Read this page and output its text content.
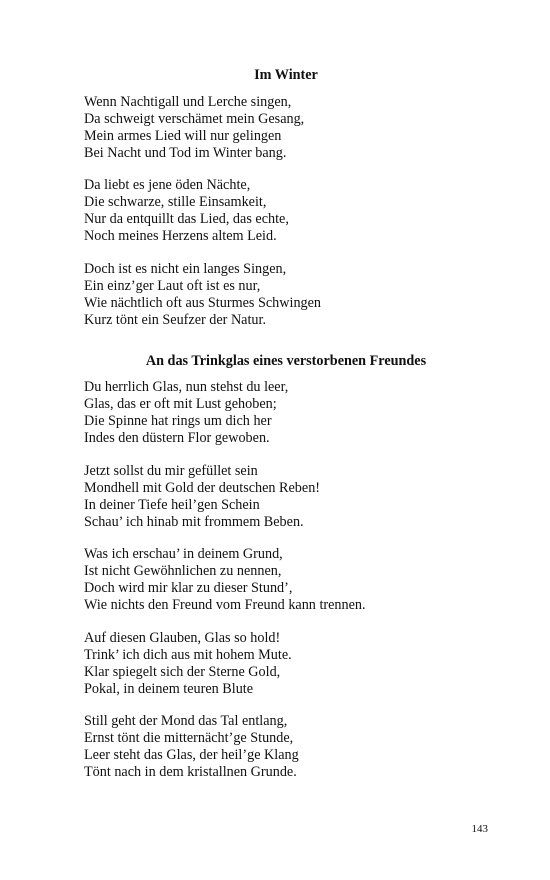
Im Winter
Wenn Nachtigall und Lerche singen,
Da schweigt verschämet mein Gesang,
Mein armes Lied will nur gelingen
Bei Nacht und Tod im Winter bang.
Da liebt es jene öden Nächte,
Die schwarze, stille Einsamkeit,
Nur da entquillt das Lied, das echte,
Noch meines Herzens altem Leid.
Doch ist es nicht ein langes Singen,
Ein einz’ger Laut oft ist es nur,
Wie nächtlich oft aus Sturmes Schwingen
Kurz tönt ein Seufzer der Natur.
An das Trinkglas eines verstorbenen Freundes
Du herrlich Glas, nun stehst du leer,
Glas, das er oft mit Lust gehoben;
Die Spinne hat rings um dich her
Indes den düstern Flor gewoben.
Jetzt sollst du mir gefüllet sein
Mondhell mit Gold der deutschen Reben!
In deiner Tiefe heil’gen Schein
Schau’ ich hinab mit frommem Beben.
Was ich erschau’ in deinem Grund,
Ist nicht Gewöhnlichen zu nennen,
Doch wird mir klar zu dieser Stund’,
Wie nichts den Freund vom Freund kann trennen.
Auf diesen Glauben, Glas so hold!
Trink’ ich dich aus mit hohem Mute.
Klar spiegelt sich der Sterne Gold,
Pokal, in deinem teuren Blute
Still geht der Mond das Tal entlang,
Ernst tönt die mitternächt’ge Stunde,
Leer steht das Glas, der heil’ge Klang
Tönt nach in dem kristallnen Grunde.
143
